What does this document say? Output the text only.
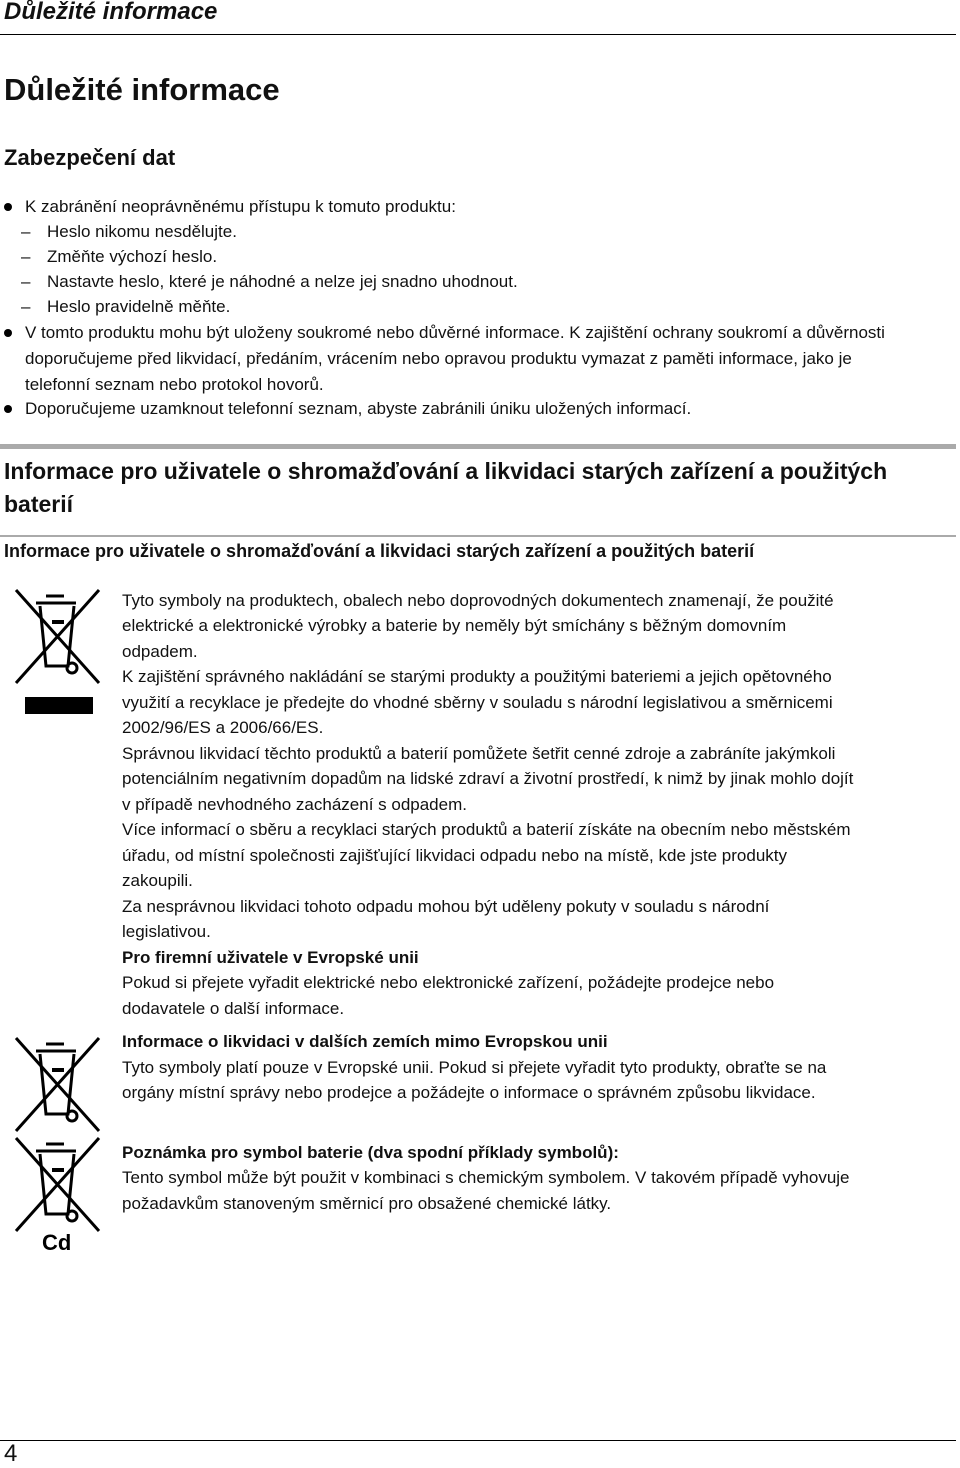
Důležité informace
Důležité informace
Zabezpečení dat
K zabránění neoprávněnému přístupu k tomuto produktu:
– Heslo nikomu nesdělujte.
– Změňte výchozí heslo.
– Nastavte heslo, které je náhodné a nelze jej snadno uhodnout.
– Heslo pravidelně měňte.
V tomto produktu mohu být uloženy soukromé nebo důvěrné informace. K zajištění ochrany soukromí a důvěrnosti
doporučujeme před likvidací, předáním, vrácením nebo opravou produktu vymazat z paměti informace, jako je
telefonní seznam nebo protokol hovorů.
Doporučujeme uzamknout telefonní seznam, abyste zabránili úniku uložených informací.
Informace pro uživatele o shromažďování a likvidaci starých zařízení a použitých
baterií
Informace pro uživatele o shromažďování a likvidaci starých zařízení a použitých baterií
Cd
Tyto symboly na produktech, obalech nebo doprovodných dokumentech znamenají, že použité
elektrické a elektronické výrobky a baterie by neměly být smíchány s běžným domovním
odpadem.
K zajištění správného nakládání se starými produkty a použitými bateriemi a jejich opětovného
využití a recyklace je předejte do vhodné sběrny v souladu s národní legislativou a směrnicemi
2002/96/ES a 2006/66/ES.
Správnou likvidací těchto produktů a baterií pomůžete šetřit cenné zdroje a zabráníte jakýmkoli
potenciálním negativním dopadům na lidské zdraví a životní prostředí, k nimž by jinak mohlo dojít
v případě nevhodného zacházení s odpadem.
Více informací o sběru a recyklaci starých produktů a baterií získáte na obecním nebo městském
úřadu, od místní společnosti zajišťující likvidaci odpadu nebo na místě, kde jste produkty
zakoupili.
Za nesprávnou likvidaci tohoto odpadu mohou být uděleny pokuty v souladu s národní
legislativou.
Pro firemní uživatele v Evropské unii
Pokud si přejete vyřadit elektrické nebo elektronické zařízení, požádejte prodejce nebo
dodavatele o další informace.
Informace o likvidaci v dalších zemích mimo Evropskou unii
Tyto symboly platí pouze v Evropské unii. Pokud si přejete vyřadit tyto produkty, obraťte se na
orgány místní správy nebo prodejce a požádejte o informace o správném způsobu likvidace.
Poznámka pro symbol baterie (dva spodní příklady symbolů):
Tento symbol může být použit v kombinaci s chemickým symbolem. V takovém případě vyhovuje
požadavkům stanoveným směrnicí pro obsažené chemické látky.
4
